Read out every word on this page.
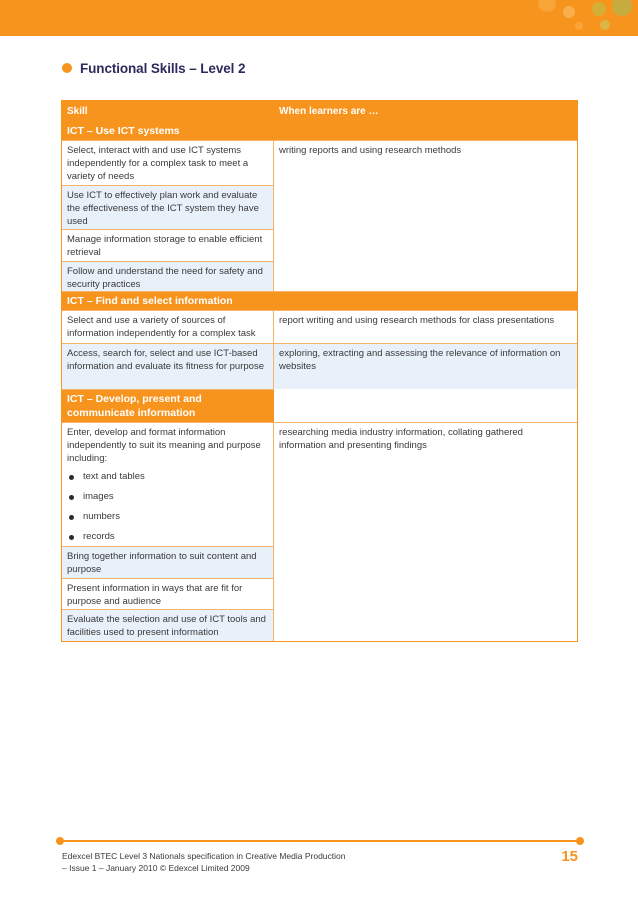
Functional Skills – Level 2
Skill	When learners are …
ICT – Use ICT systems
Select, interact with and use ICT systems independently for a complex task to meet a variety of needs
Use ICT to effectively plan work and evaluate the effectiveness of the ICT system they have used
Manage information storage to enable efficient retrieval
Follow and understand the need for safety and security practices
writing reports and using research methods
ICT – Find and select information
Select and use a variety of sources of information independently for a complex task
report writing and using research methods for class presentations
Access, search for, select and use ICT-based information and evaluate its fitness for purpose
exploring, extracting and assessing the relevance of information on websites
ICT – Develop, present and communicate information
Enter, develop and format information independently to suit its meaning and purpose including:
text and tables
images
numbers
records
Bring together information to suit content and purpose
Present information in ways that are fit for purpose and audience
Evaluate the selection and use of ICT tools and facilities used to present information
researching media industry information, collating gathered information and presenting findings
Edexcel BTEC Level 3 Nationals specification in Creative Media Production
– Issue 1 – January 2010 © Edexcel Limited 2009
15
